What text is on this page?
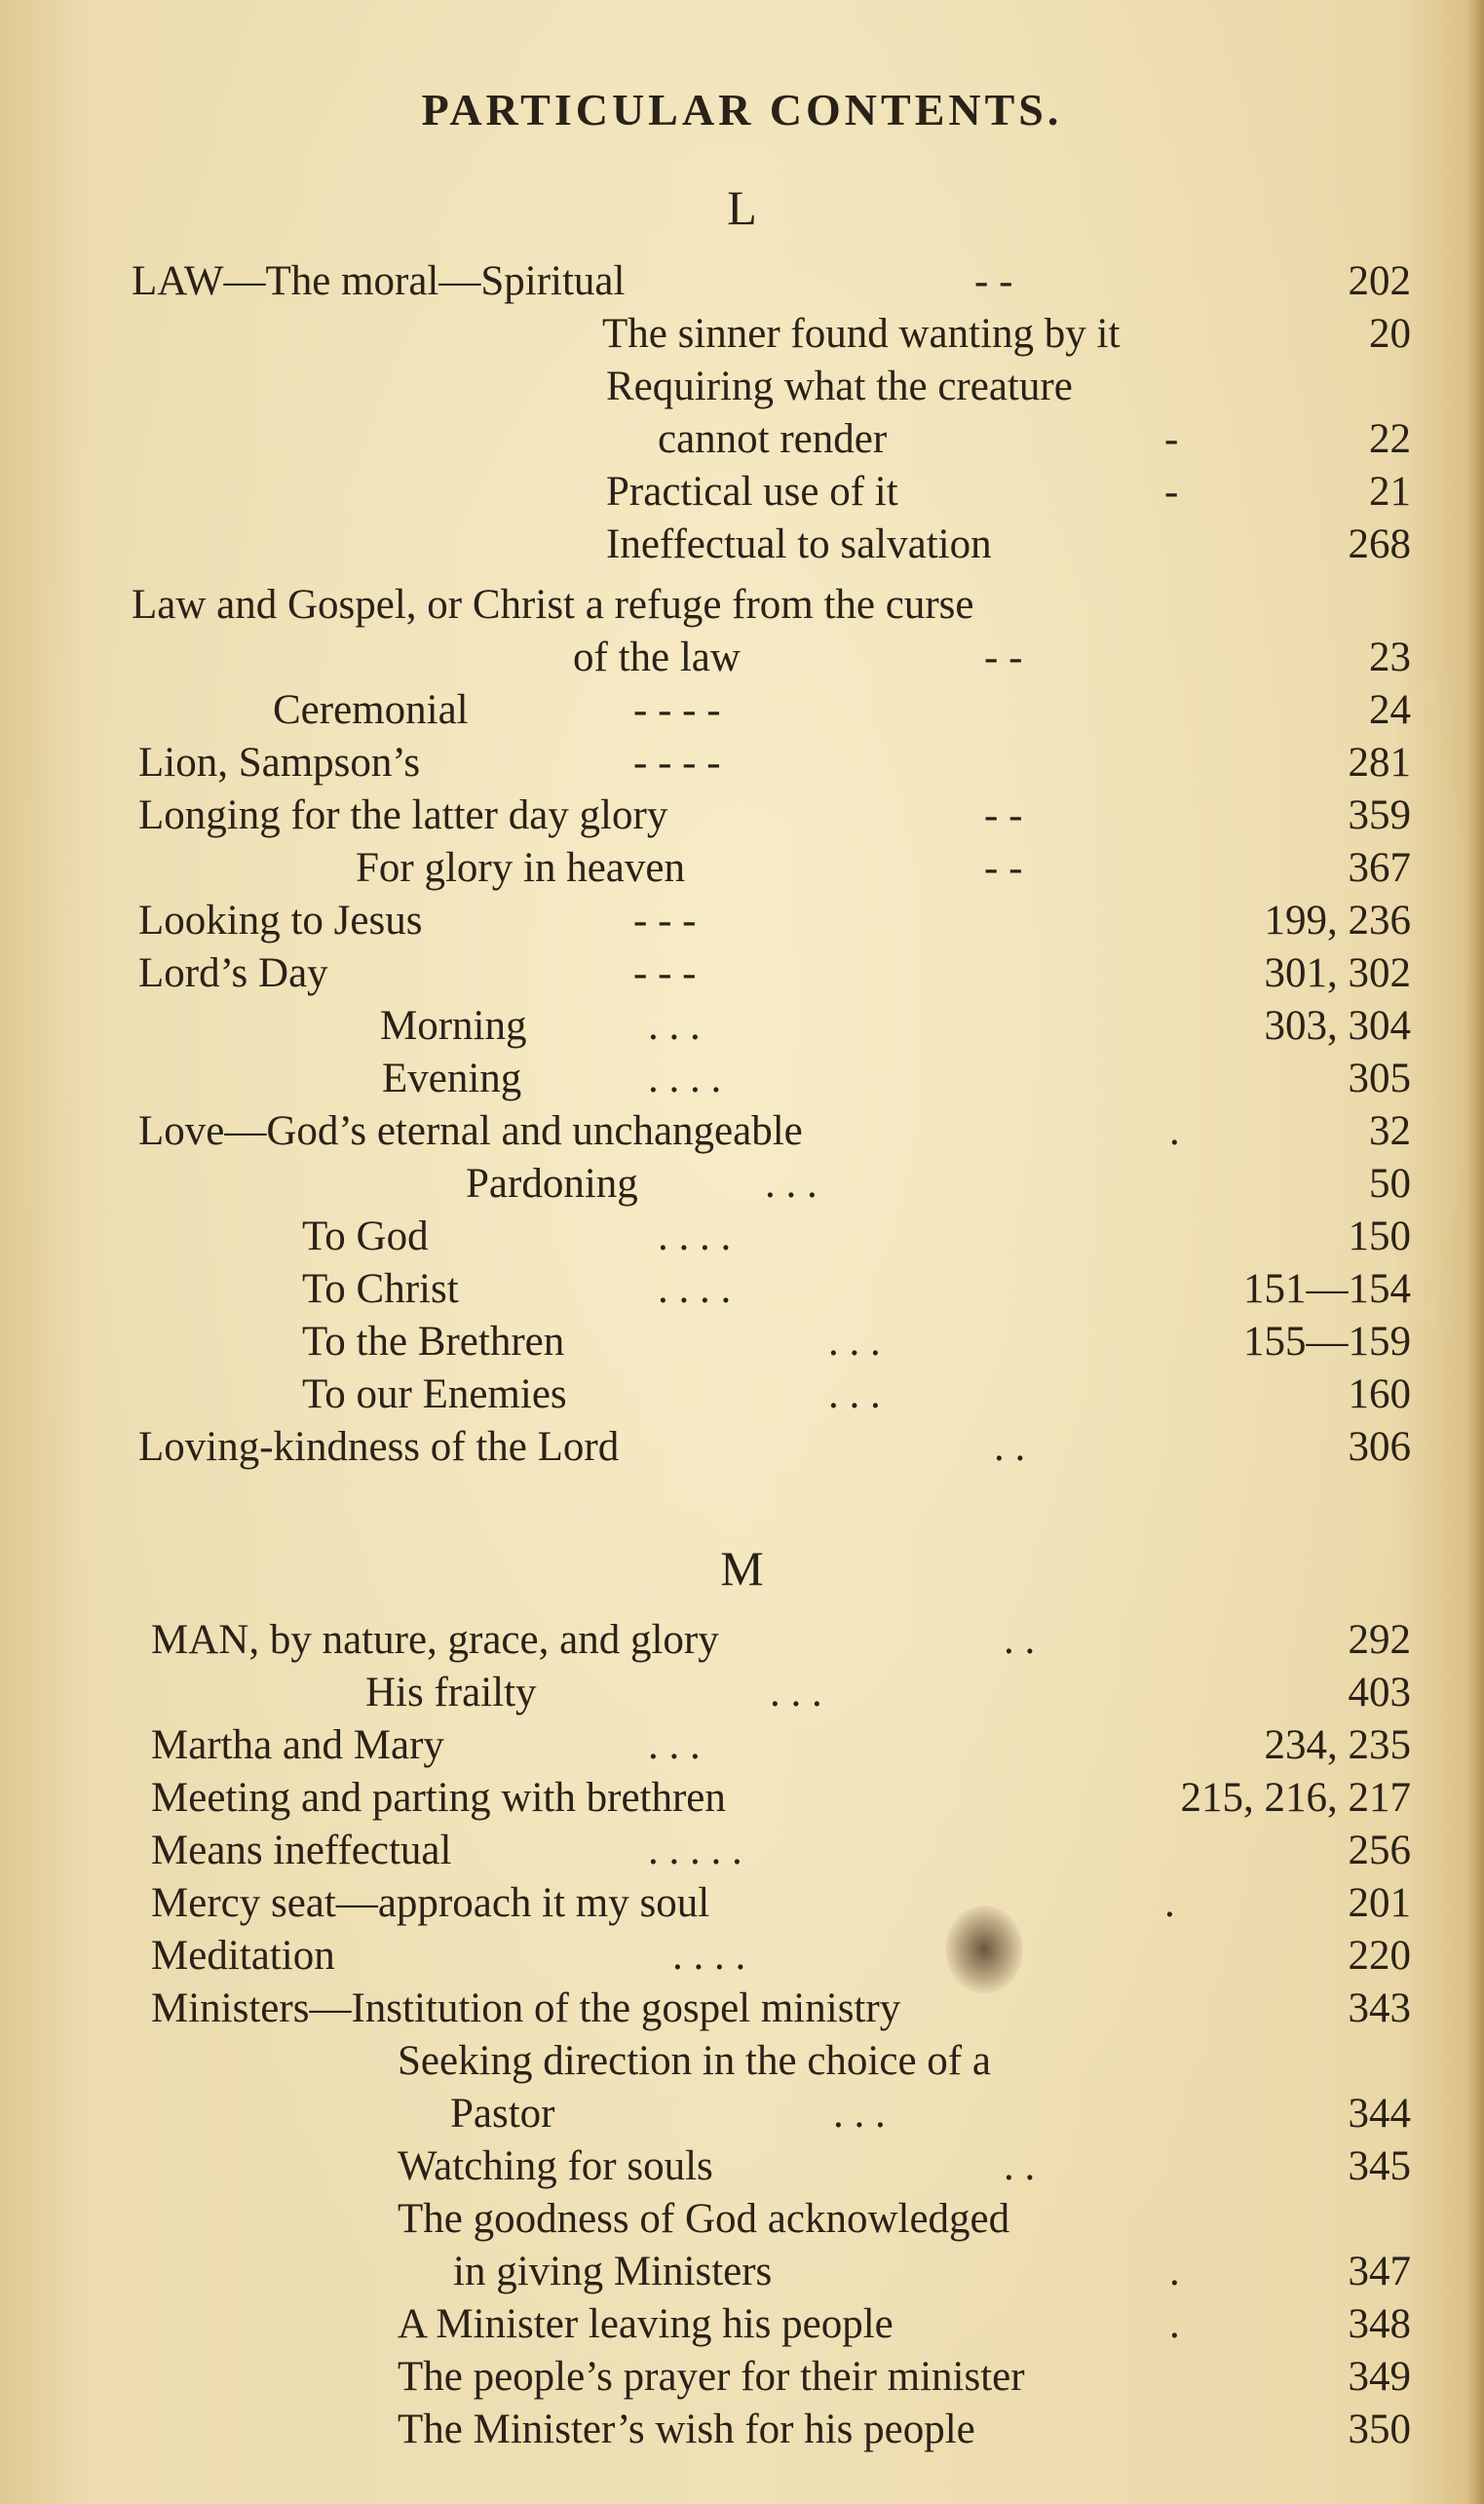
PARTICULAR CONTENTS.
L
LAW—The moral—Spiritual	- -	202
The sinner found wanting by it	20
Requiring what the creature
cannot render	-	22
Practical use of it	-	21
Ineffectual to salvation	268
Law and Gospel, or Christ a refuge from the curse
of the law	- -	23
Ceremonial	- - - -	24
Lion, Sampson’s	- - - -	281
Longing for the latter day glory	- -	359
For glory in heaven	- -	367
Looking to Jesus	- - -	199, 236
Lord’s Day	- - -	301, 302
Morning	. . .	303, 304
Evening	. . . .	305
Love—God’s eternal and unchangeable	.	32
Pardoning	. . .	50
To God	. . . .	150
To Christ	. . . .	151—154
To the Brethren	. . .	155—159
To our Enemies	. . .	160
Loving-kindness of the Lord	. .	306
M
MAN, by nature, grace, and glory	. .	292
His frailty	. . .	403
Martha and Mary	. . .	234, 235
Meeting and parting with brethren	215, 216, 217
Means ineffectual	. . . . .	256
Mercy seat—approach it my soul	.	201
Meditation	. . . .	220
Ministers—Institution of the gospel ministry	343
Seeking direction in the choice of a
Pastor	. . .	344
Watching for souls	. .	345
The goodness of God acknowledged
in giving Ministers	.	347
A Minister leaving his people	.	348
The people’s prayer for their minister	349
The Minister’s wish for his people	350
